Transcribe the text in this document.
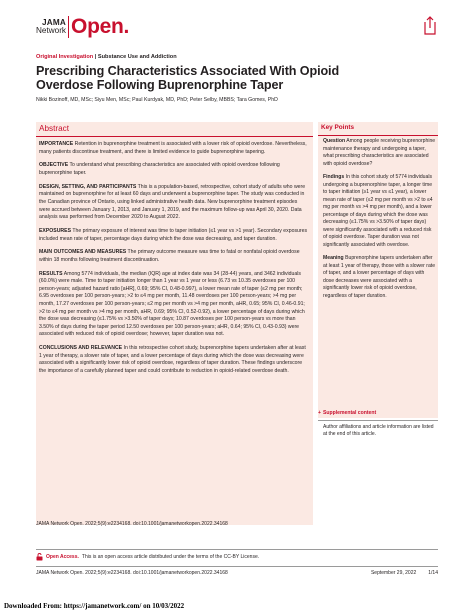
JAMA
Network Open.
Original Investigation | Substance Use and Addiction
Prescribing Characteristics Associated With Opioid Overdose Following Buprenorphine Taper
Nikki Bozinoff, MD, MSc; Siyu Men, MSc; Paul Kurdyak, MD, PhD; Peter Selby, MBBS; Tara Gomes, PhD
Abstract

IMPORTANCE Retention in buprenorphine treatment is associated with a lower risk of opioid overdose. Nevertheless, many patients discontinue treatment, and there is limited evidence to guide buprenorphine tapering.

OBJECTIVE To understand what prescribing characteristics are associated with opioid overdose following buprenorphine taper.

DESIGN, SETTING, AND PARTICIPANTS This is a population-based, retrospective, cohort study of adults who were maintained on buprenorphine for at least 60 days and underwent a buprenorphine taper. The study was conducted in the Canadian province of Ontario, using linked administrative health data. New buprenorphine treatment episodes were accrued between January 1, 2013, and January 1, 2019, and the maximum follow-up was April 30, 2020. Data analysis was performed from December 2020 to August 2022.

EXPOSURES The primary exposure of interest was time to taper initiation (≤1 year vs >1 year). Secondary exposures included mean rate of taper, percentage days during which the dose was decreasing, and taper duration.

MAIN OUTCOMES AND MEASURES The primary outcome measure was time to fatal or nonfatal opioid overdose within 18 months following treatment discontinuation.

RESULTS Among 5774 individuals, the median (IQR) age at index date was 34 (28-44) years, and 3462 individuals (60.0%) were male. Time to taper initiation longer than 1 year vs 1 year or less (6.73 vs 10.35 overdoses per 100 person-years; adjusted hazard ratio [aHR], 0.69; 95% CI, 0.48-0.997), a lower mean rate of taper (≤2 mg per month; 6.95 overdoses per 100 person-years; >2 to ≤4 mg per month, 11.48 overdoses per 100 person-years; >4 mg per month, 17.27 overdoses per 100 person-years; ≤2 mg per month vs >4 mg per month, aHR, 0.65; 95% CI, 0.46-0.91; >2 to ≤4 mg per month vs >4 mg per month, aHR, 0.69; 95% CI, 0.52-0.92), a lower percentage of days during which the dose was decreasing (≤1.75% vs >3.50% of taper days; 10.87 overdoses per 100 person-years vs more than 3.50% of days during the taper period 12.50 overdoses per 100 person-years; aHR, 0.64; 95% CI, 0.43-0.93) were associated with reduced risk of opioid overdose; however, taper duration was not.

CONCLUSIONS AND RELEVANCE In this retrospective cohort study, buprenorphine tapers undertaken after at least 1 year of therapy, a slower rate of taper, and a lower percentage of days during which the dose was decreasing were associated with a significantly lower risk of opioid overdose, regardless of taper duration. These findings underscore the importance of a carefully planned taper and could contribute to reduction in opioid-related overdose death.

Key Points

Question Among people receiving buprenorphine maintenance therapy and undergoing a taper, what prescribing characteristics are associated with opioid overdose?

Findings In this cohort study of 5774 individuals undergoing a buprenorphine taper, a longer time to taper initiation (≥1 year vs ≤1 year), a lower mean rate of taper (≤2 mg per month vs >2 to ≤4 mg per month vs >4 mg per month), and a lower percentage of days during which the dose was decreasing (≤1.75% vs >3.50% of taper days) were significantly associated with a reduced risk of opioid overdose. Taper duration was not significantly associated with overdose.

Meaning Buprenorphine tapers undertaken after at least 1 year of therapy, those with a slower rate of taper, and a lower percentage of days with dose decreases were associated with a significantly lower risk of opioid overdose, regardless of taper duration.

+ Supplemental content
Author affiliations and article information are listed at the end of this article.
JAMA Network Open. 2022;5(9):e2234168. doi:10.1001/jamanetworkopen.2022.34168
Open Access. This is an open access article distributed under the terms of the CC-BY License.
JAMA Network Open. 2022;5(9):e2234168. doi:10.1001/jamanetworkopen.2022.34168	September 29, 2022 1/14
Downloaded From: https://jamanetwork.com/ on 10/03/2022
